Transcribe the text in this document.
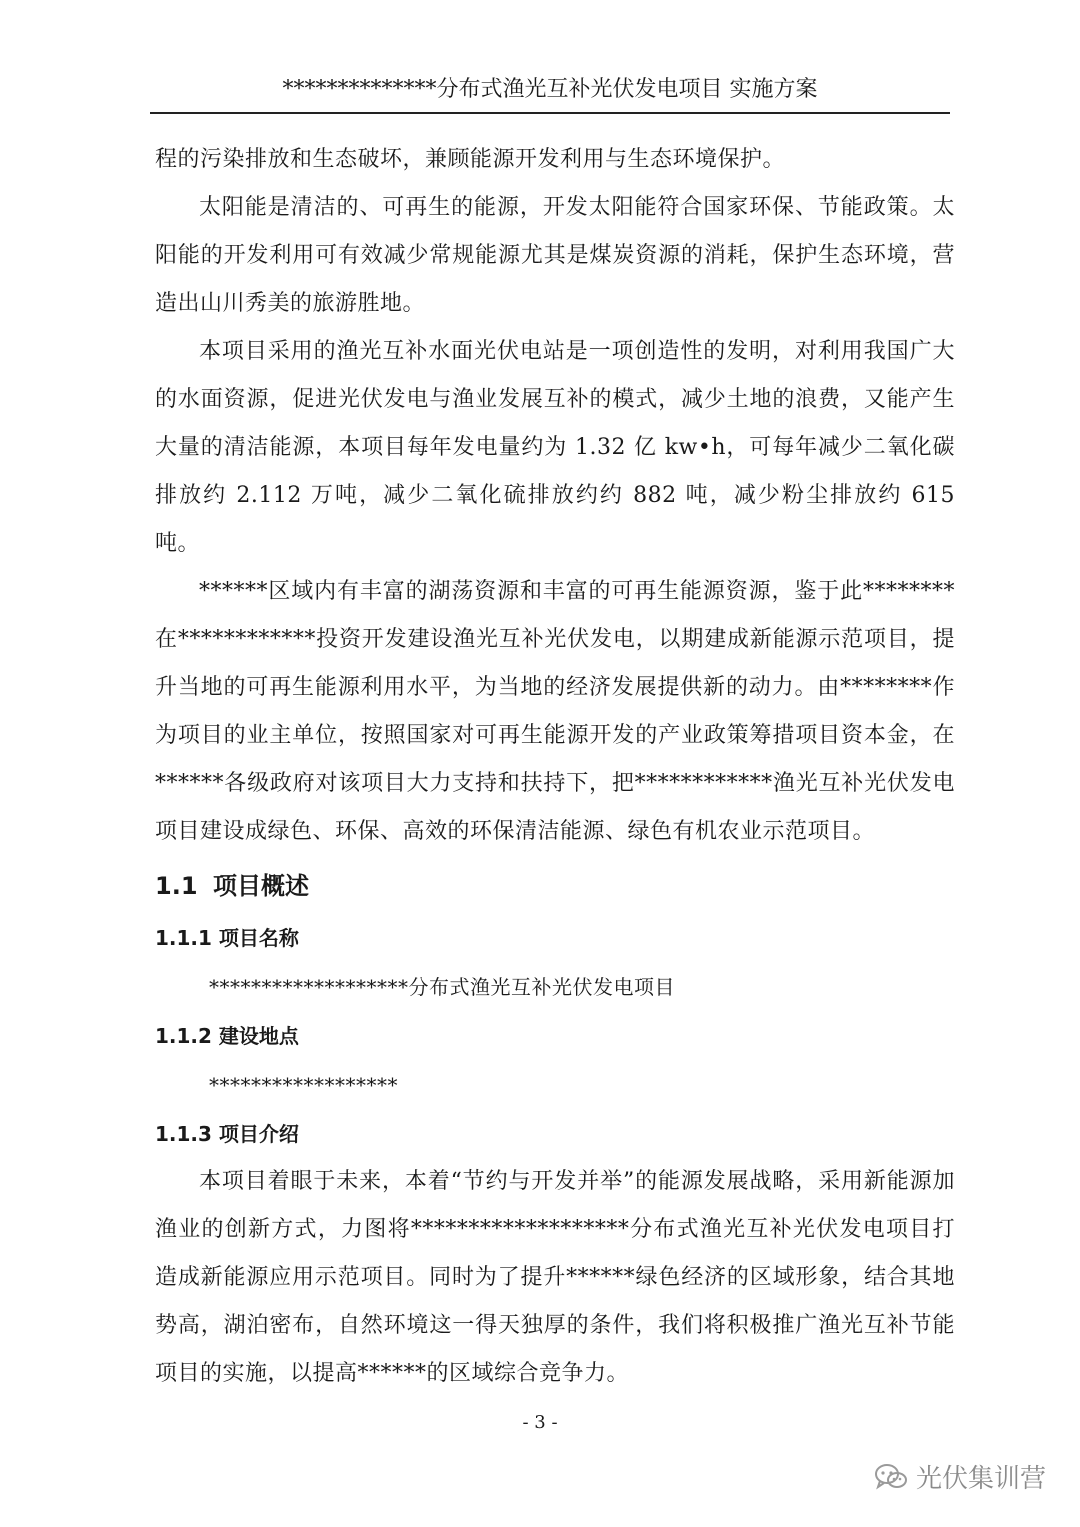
**************分布式渔光互补光伏发电项目 实施方案

程的污染排放和生态破坏，兼顾能源开发利用与生态环境保护。

太阳能是清洁的、可再生的能源，开发太阳能符合国家环保、节能政策。太阳能的开发利用可有效减少常规能源尤其是煤炭资源的消耗，保护生态环境，营造出山川秀美的旅游胜地。

本项目采用的渔光互补水面光伏电站是一项创造性的发明，对利用我国广大的水面资源，促进光伏发电与渔业发展互补的模式，减少土地的浪费，又能产生大量的清洁能源，本项目每年发电量约为 1.32 亿 kw•h，可每年减少二氧化碳排放约 2.112 万吨，减少二氧化硫排放约约 882 吨，减少粉尘排放约 615 吨。

******区域内有丰富的湖荡资源和丰富的可再生能源资源，鉴于此********在************投资开发建设渔光互补光伏发电，以期建成新能源示范项目，提升当地的可再生能源利用水平，为当地的经济发展提供新的动力。由********作为项目的业主单位，按照国家对可再生能源开发的产业政策筹措项目资本金，在******各级政府对该项目大力支持和扶持下，把************渔光互补光伏发电项目建设成绿色、环保、高效的环保清洁能源、绿色有机农业示范项目。

1.1 项目概述
1.1.1 项目名称

*******************分布式渔光互补光伏发电项目

1.1.2 建设地点

******************

1.1.3 项目介绍

本项目着眼于未来，本着“节约与开发并举”的能源发展战略，采用新能源加渔业的创新方式，力图将*******************分布式渔光互补光伏发电项目打造成新能源应用示范项目。同时为了提升******绿色经济的区域形象，结合其地势高，湖泊密布，自然环境这一得天独厚的条件，我们将积极推广渔光互补节能项目的实施，以提高******的区域综合竞争力。

- 3 -
光伏集训营
